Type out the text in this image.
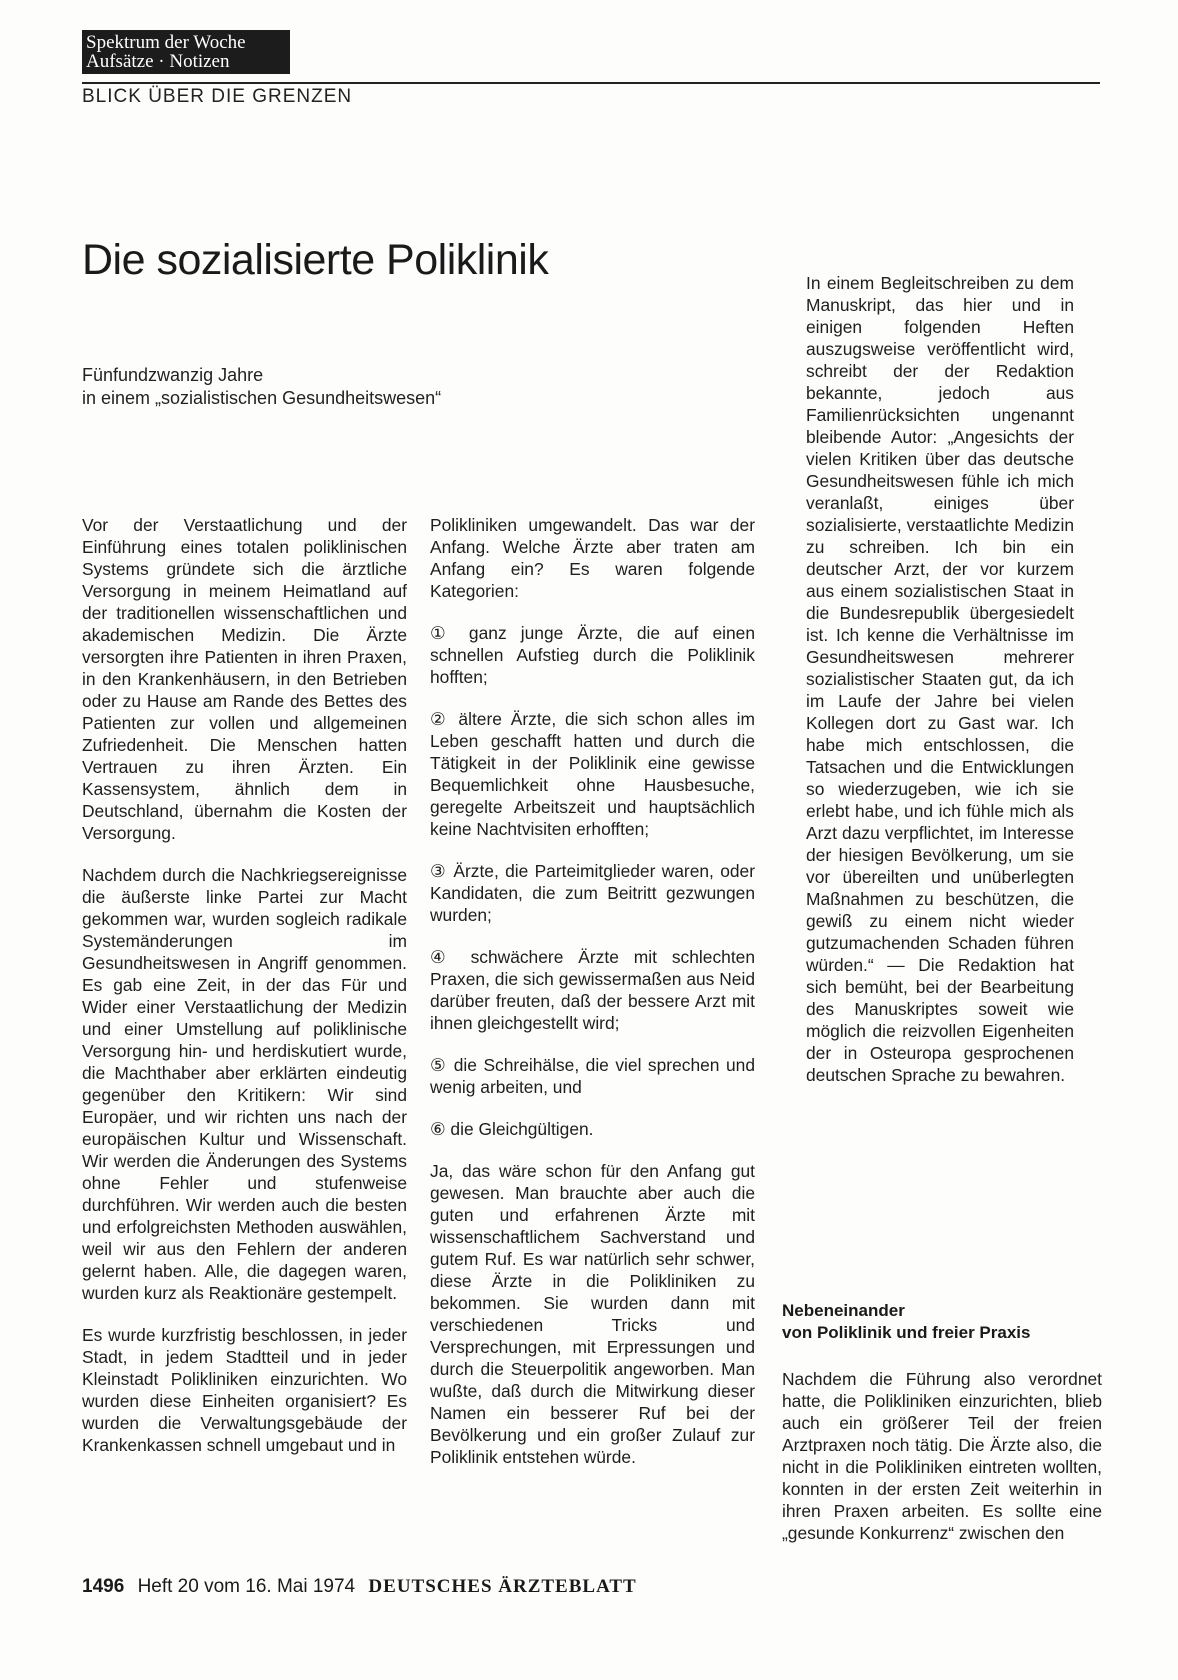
Spektrum der Woche
Aufsätze · Notizen
BLICK ÜBER DIE GRENZEN
Die sozialisierte Poliklinik
Fünfundzwanzig Jahre
in einem „sozialistischen Gesundheitswesen“

Vor der Verstaatlichung und der Einführung eines totalen poliklinischen Systems gründete sich die ärztliche Versorgung in meinem Heimatland auf der traditionellen wissenschaftlichen und akademischen Medizin. Die Ärzte versorgten ihre Patienten in ihren Praxen, in den Krankenhäusern, in den Betrieben oder zu Hause am Rande des Bettes des Patienten zur vollen und allgemeinen Zufriedenheit. Die Menschen hatten Vertrauen zu ihren Ärzten. Ein Kassensystem, ähnlich dem in Deutschland, übernahm die Kosten der Versorgung.

Nachdem durch die Nachkriegsereignisse die äußerste linke Partei zur Macht gekommen war, wurden sogleich radikale Systemänderungen im Gesundheitswesen in Angriff genommen. Es gab eine Zeit, in der das Für und Wider einer Verstaatlichung der Medizin und einer Umstellung auf poliklinische Versorgung hin- und herdiskutiert wurde, die Machthaber aber erklärten eindeutig gegenüber den Kritikern: Wir sind Europäer, und wir richten uns nach der europäischen Kultur und Wissenschaft. Wir werden die Änderungen des Systems ohne Fehler und stufenweise durchführen. Wir werden auch die besten und erfolgreichsten Methoden auswählen, weil wir aus den Fehlern der anderen gelernt haben. Alle, die dagegen waren, wurden kurz als Reaktionäre gestempelt.

Es wurde kurzfristig beschlossen, in jeder Stadt, in jedem Stadtteil und in jeder Kleinstadt Polikliniken einzurichten. Wo wurden diese Einheiten organisiert? Es wurden die Verwaltungsgebäude der Krankenkassen schnell umgebaut und in

Polikliniken umgewandelt. Das war der Anfang. Welche Ärzte aber traten am Anfang ein? Es waren folgende Kategorien:

① ganz junge Ärzte, die auf einen schnellen Aufstieg durch die Poliklinik hofften;

② ältere Ärzte, die sich schon alles im Leben geschafft hatten und durch die Tätigkeit in der Poliklinik eine gewisse Bequemlichkeit ohne Hausbesuche, geregelte Arbeitszeit und hauptsächlich keine Nachtvisiten erhofften;

③ Ärzte, die Parteimitglieder waren, oder Kandidaten, die zum Beitritt gezwungen wurden;

④ schwächere Ärzte mit schlechten Praxen, die sich gewissermaßen aus Neid darüber freuten, daß der bessere Arzt mit ihnen gleichgestellt wird;

⑤ die Schreihälse, die viel sprechen und wenig arbeiten, und

⑥ die Gleichgültigen.

Ja, das wäre schon für den Anfang gut gewesen. Man brauchte aber auch die guten und erfahrenen Ärzte mit wissenschaftlichem Sachverstand und gutem Ruf. Es war natürlich sehr schwer, diese Ärzte in die Polikliniken zu bekommen. Sie wurden dann mit verschiedenen Tricks und Versprechungen, mit Erpressungen und durch die Steuerpolitik angeworben. Man wußte, daß durch die Mitwirkung dieser Namen ein besserer Ruf bei der Bevölkerung und ein großer Zulauf zur Poliklinik entstehen würde.

In einem Begleitschreiben zu dem Manuskript, das hier und in einigen folgenden Heften auszugsweise veröffentlicht wird, schreibt der der Redaktion bekannte, jedoch aus Familienrücksichten ungenannt bleibende Autor: „Angesichts der vielen Kritiken über das deutsche Gesundheitswesen fühle ich mich veranlaßt, einiges über sozialisierte, verstaatlichte Medizin zu schreiben. Ich bin ein deutscher Arzt, der vor kurzem aus einem sozialistischen Staat in die Bundesrepublik übergesiedelt ist. Ich kenne die Verhältnisse im Gesundheitswesen mehrerer sozialistischer Staaten gut, da ich im Laufe der Jahre bei vielen Kollegen dort zu Gast war. Ich habe mich entschlossen, die Tatsachen und die Entwicklungen so wiederzugeben, wie ich sie erlebt habe, und ich fühle mich als Arzt dazu verpflichtet, im Interesse der hiesigen Bevölkerung, um sie vor übereilten und unüberlegten Maßnahmen zu beschützen, die gewiß zu einem nicht wieder gutzumachenden Schaden führen würden.“ — Die Redaktion hat sich bemüht, bei der Bearbeitung des Manuskriptes soweit wie möglich die reizvollen Eigenheiten der in Osteuropa gesprochenen deutschen Sprache zu bewahren.

Nebeneinander
von Poliklinik und freier Praxis

Nachdem die Führung also verordnet hatte, die Polikliniken einzurichten, blieb auch ein größerer Teil der freien Arztpraxen noch tätig. Die Ärzte also, die nicht in die Polikliniken eintreten wollten, konnten in der ersten Zeit weiterhin in ihren Praxen arbeiten. Es sollte eine „gesunde Konkurrenz“ zwischen den

1496 Heft 20 vom 16. Mai 1974 DEUTSCHES ÄRZTEBLATT
